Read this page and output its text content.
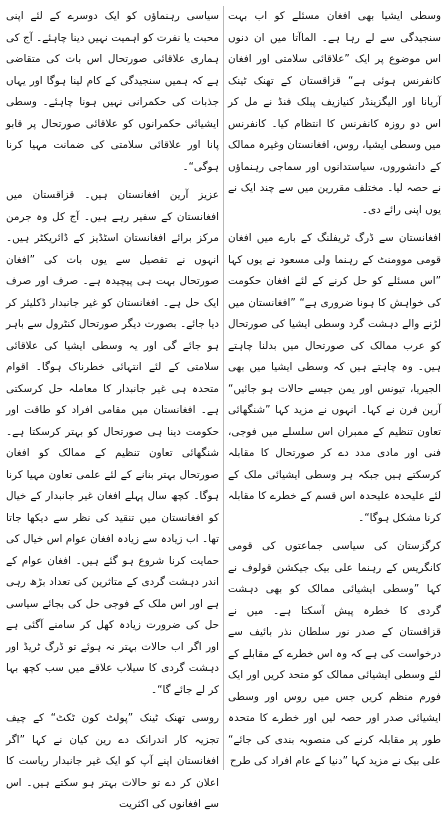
وسطی ایشیا بھی افغان مسئلے کو اب بہت سنجیدگی سے لے رہا ہے۔ الماآتا میں ان دنوں اس موضوع پر ایک ”علاقائی سلامتی اور افغان کانفرنس ہوئی ہے“ قزاقستان کے تھنک ٹینک آریانا اور الیگزینڈر کنیازیف پبلک فنڈ نے مل کر اس دو روزہ کانفرنس کا انتظام کیا۔ کانفرنس میں وسطی ایشیا، روس، افغانستان وغیرہ ممالک کے دانشوروں، سیاستدانوں اور سماجی رہنماؤں نے حصہ لیا۔ مختلف مقررین میں سے چند ایک نے یوں اپنی رائے دی۔

افغانستان سے ڈرگ ٹریفلنگ کے بارے میں افغان قومی موومنٹ کے رہنما ولی مسعود نے یوں کہا ”اس مسئلے کو حل کرنے کے لئے افغان حکومت کی خواہش کا ہونا ضروری ہے“ ”افغانستان میں لڑنے والے دہشت گرد وسطی ایشیا کی صورتحال کو عرب ممالک کی صورتحال میں بدلنا چاہتے ہیں۔ وہ چاہتے ہیں کہ وسطی ایشیا میں بھی الجیریا، تیونس اور یمن جیسے حالات ہو جائیں“ آرین فرن نے کہا۔ انہوں نے مزید کہا ”شنگھائی تعاون تنظیم کے ممبران اس سلسلے میں فوجی، فنی اور مادی مدد دے کر صورتحال کا مقابلہ کرسکتے ہیں جبکہ ہر وسطی ایشیائی ملک کے لئے علیحدہ علیحدہ اس قسم کے خطرے کا مقابلہ کرنا مشکل ہوگا“۔

کرگزستان کی سیاسی جماعتوں کی قومی کانگریس کے رہنما علی بیک جیکشن قولوف نے کہا ”وسطی ایشیائی ممالک کو بھی دہشت گردی کا خطرہ پیش آسکتا ہے۔ میں نے قزاقستان کے صدر نور سلطان نذر بائیف سے درخواست کی ہے کہ وہ اس خطرے کے مقابلے کے لئے وسطی ایشیائی ممالک کو متحد کریں اور ایک فورم منظم کریں جس میں روس اور وسطی ایشیائی صدر اور حصہ لیں اور خطرے کا متحدہ طور پر مقابلہ کرنے کی منصوبہ بندی کی جائے“ علی بیک نے مزید کہا ”دنیا کے عام افراد کی طرح

سیاسی رہنماؤں کو ایک دوسرے کے لئے اپنی محبت یا نفرت کو اہمیت نہیں دینا چاہئے۔ آج کی ہماری علاقائی صورتحال اس بات کی متقاضی ہے کہ ہمیں سنجیدگی کے کام لینا ہوگا اور یہاں جذبات کی حکمرانی نہیں ہونا چاہئے۔ وسطی ایشیائی حکمرانوں کو علاقائی صورتحال پر قابو پانا اور علاقائی سلامتی کی ضمانت مہیا کرنا ہوگی“۔

عزیز آرین افغانستان ہیں۔ قزاقستان میں افغانستان کے سفیر رہے ہیں۔ آج کل وہ جرمن مرکز برائے افغانستان اسٹڈیز کے ڈائریکٹر ہیں۔ انہوں نے تفصیل سے یوں بات کی ”افغان صورتحال بہت ہی پیچیدہ ہے۔ صرف اور صرف ایک حل ہے۔ افغانستان کو غیر جانبدار ڈکلیئر کر دیا جائے۔ بصورت دیگر صورتحال کنٹرول سے باہر ہو جائے گی اور یہ وسطی ایشیا کی علاقائی سلامتی کے لئے انتہائی خطرناک ہوگا۔ اقوام متحدہ ہی غیر جانبدار کا معاملہ حل کرسکتی ہے۔ افغانستان میں مقامی افراد کو طاقت اور حکومت دینا ہی صورتحال کو بہتر کرسکتا ہے۔ شنگھائی تعاون تنظیم کے ممالک کو افغان صورتحال بہتر بنانے کے لئے علمی تعاون مہیا کرنا ہوگا۔ کچھ سال پہلے افغان غیر جانبدار کے خیال کو افغانستان میں تنقید کی نظر سے دیکھا جاتا تھا۔ اب زیادہ سے زیادہ افغان عوام اس خیال کی حمایت کرنا شروع ہو گئے ہیں۔ افغان عوام کے اندر دہشت گردی کے متاثرین کی تعداد بڑھ رہی ہے اور اس ملک کے فوجی حل کی بجائے سیاسی حل کی ضرورت زیادہ کھل کر سامنے آگئی ہے اور اگر اب حالات بہتر نہ ہوئے تو ڈرگ ٹریڈ اور دہشت گردی کا سیلاب علاقے میں سب کچھ بہا کر لے جائے گا“۔

روسی تھنک ٹینک ”پولٹ کون ٹکٹ“ کے چیف تجزیہ کار اندرانک دے رین کیان نے کہا ”اگر افغانستان اپنے آپ کو ایک غیر جانبدار ریاست کا اعلان کر دے تو حالات بہتر ہو سکتے ہیں۔ اس سے افغانوں کی اکثریت
